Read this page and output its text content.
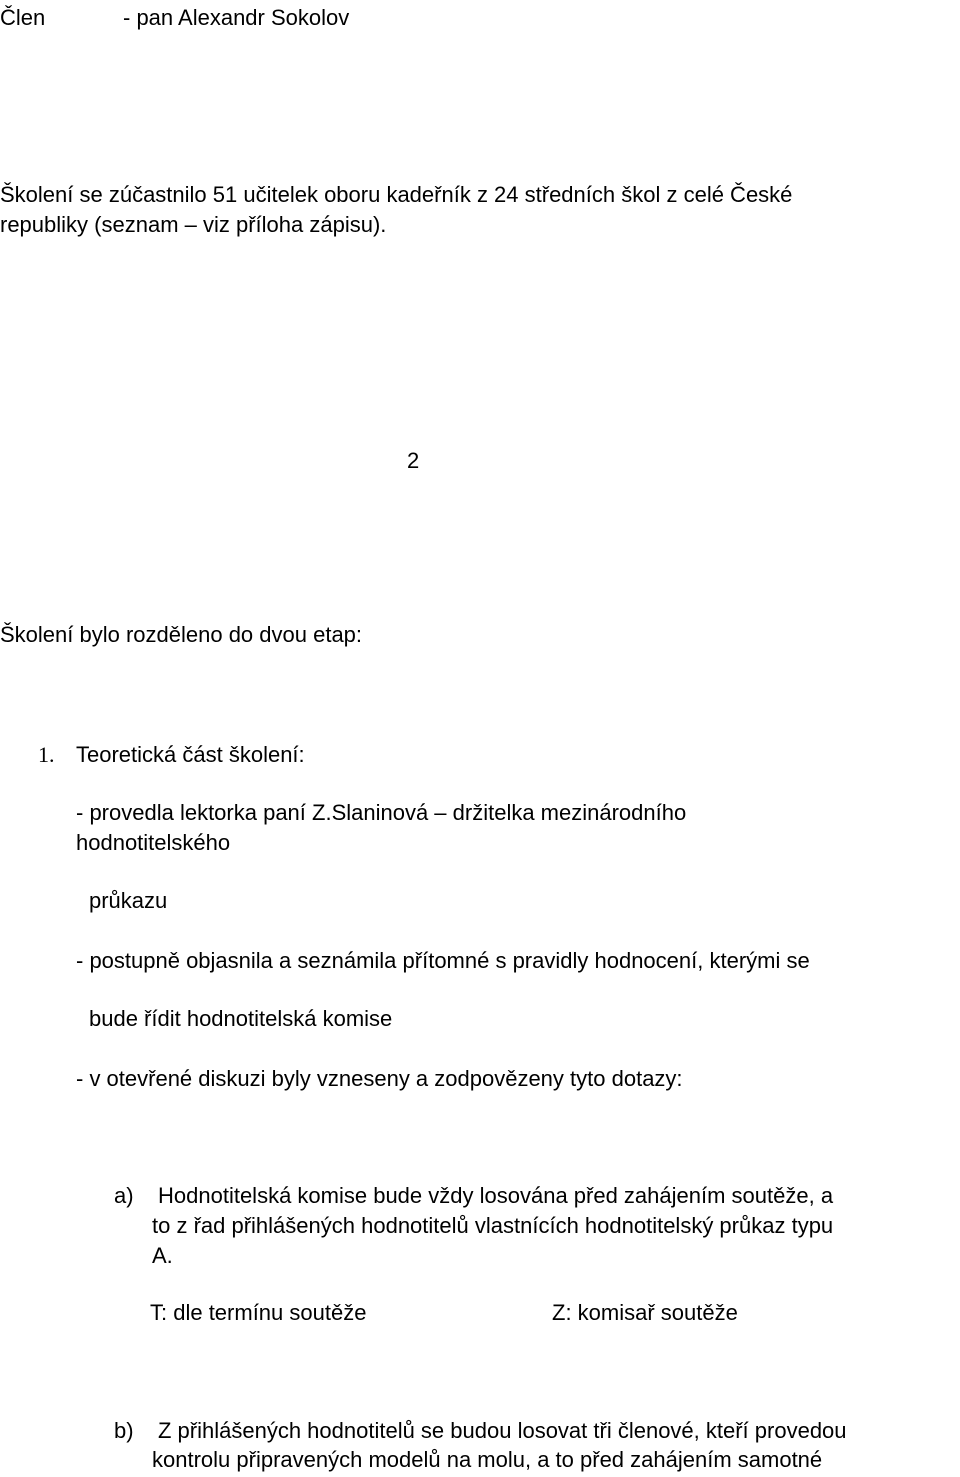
Člen	- pan Alexandr Sokolov
Školení se zúčastnilo 51 učitelek oboru kadeřník z 24 středních škol z celé České
republiky (seznam – viz příloha zápisu).
2
Školení bylo rozděleno do dvou etap:
1. Teoretická část školení:
- provedla lektorka paní Z.Slaninová – držitelka mezinárodního
hodnotitelského
průkazu
- postupně objasnila a seznámila přítomné s pravidly hodnocení, kterými se
bude řídit hodnotitelská komise
- v otevřené diskuzi byly vzneseny a zodpovězeny tyto dotazy:
a) Hodnotitelská komise bude vždy losována před zahájením soutěže, a
to z řad přihlášených hodnotitelů vlastnících hodnotitelský průkaz typu
A.
T: dle termínu soutěže	Z: komisař soutěže
b) Z přihlášených hodnotitelů se budou losovat tři členové, kteří provedou
kontrolu připravených modelů na molu, a to před zahájením samotné
